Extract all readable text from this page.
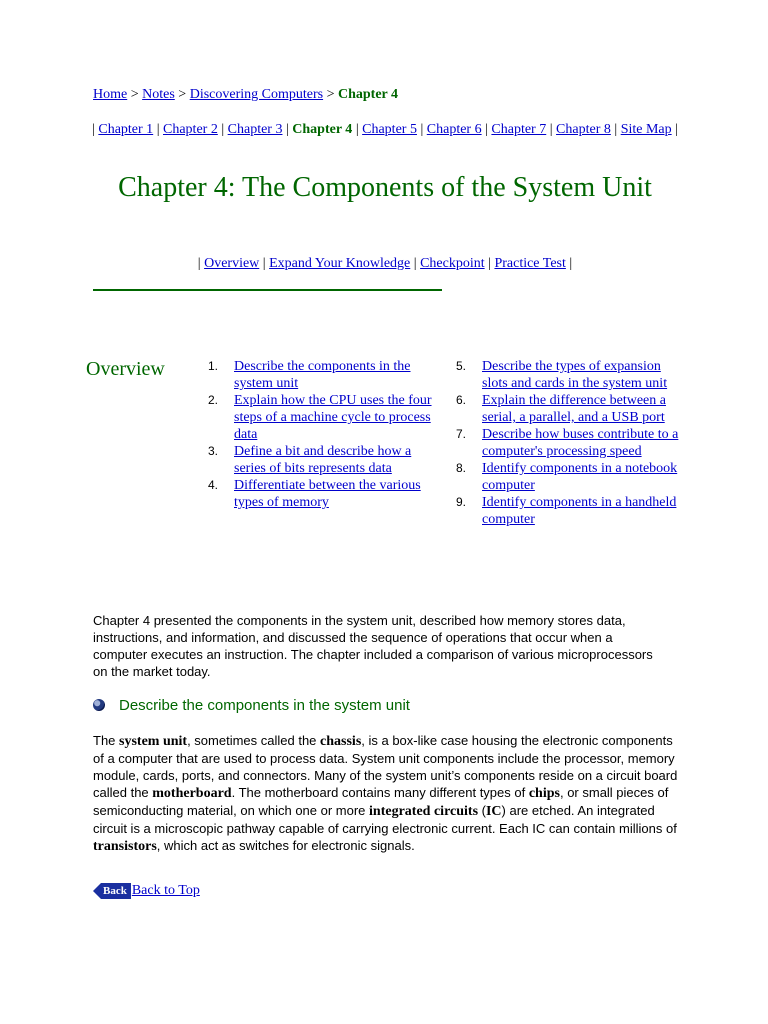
Home > Notes > Discovering Computers > Chapter 4
| Chapter 1 | Chapter 2 | Chapter 3 | Chapter 4 | Chapter 5 | Chapter 6 | Chapter 7 | Chapter 8 | Site Map |
Chapter 4: The Components of the System Unit
| Overview | Expand Your Knowledge | Checkpoint | Practice Test |
Overview	1. Describe the components in the system unit
2. Explain how the CPU uses the four steps of a machine cycle to process data
3. Define a bit and describe how a series of bits represents data
4. Differentiate between the various types of memory
5. Describe the types of expansion slots and cards in the system unit
6. Explain the difference between a serial, a parallel, and a USB port
7. Describe how buses contribute to a computer's processing speed
8. Identify components in a notebook computer
9. Identify components in a handheld computer

Chapter 4 presented the components in the system unit, described how memory stores data, instructions, and information, and discussed the sequence of operations that occur when a computer executes an instruction. The chapter included a comparison of various microprocessors on the market today.

Describe the components in the system unit

The system unit, sometimes called the chassis, is a box-like case housing the electronic components of a computer that are used to process data. System unit components include the processor, memory module, cards, ports, and connectors. Many of the system unit’s components reside on a circuit board called the motherboard. The motherboard contains many different types of chips, or small pieces of semiconducting material, on which one or more integrated circuits (IC) are etched. An integrated circuit is a microscopic pathway capable of carrying electronic current. Each IC can contain millions of transistors, which act as switches for electronic signals.

Back Back to Top
